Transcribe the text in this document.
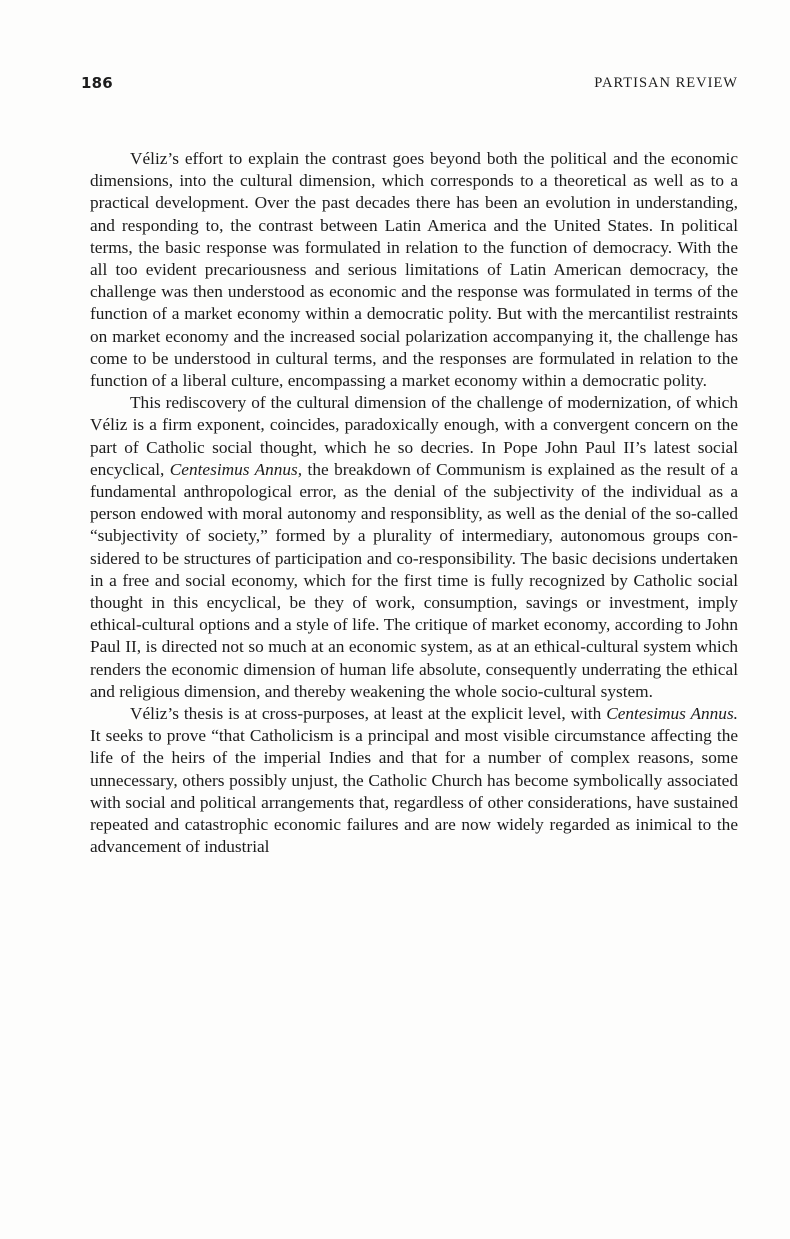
186	PARTISAN REVIEW

Véliz’s effort to explain the contrast goes beyond both the political and the economic dimensions, into the cultural dimension, which corresponds to a theoretical as well as to a practical development. Over the past decades there has been an evolution in understanding, and responding to, the contrast between Latin America and the United States. In political terms, the basic response was formulated in relation to the function of democracy. With the all too evident precariousness and serious limitations of Latin American democracy, the challenge was then understood as economic and the response was formulated in terms of the function of a market economy within a democratic polity. But with the mercantilist restraints on market economy and the increased social polarization accompanying it, the challenge has come to be understood in cultural terms, and the responses are formulated in relation to the function of a liberal culture, encompassing a market economy within a democratic polity.

This rediscovery of the cultural dimension of the challenge of modernization, of which Véliz is a firm exponent, coincides, paradoxically enough, with a convergent concern on the part of Catholic social thought, which he so decries. In Pope John Paul II’s latest social encyclical, Centesimus Annus, the breakdown of Communism is explained as the result of a fundamental anthropological error, as the denial of the subjectivity of the individual as a person endowed with moral autonomy and responsiblity, as well as the denial of the so-called “subjectivity of society,” formed by a plurality of intermediary, autonomous groups considered to be structures of participation and co-responsibility. The basic decisions undertaken in a free and social economy, which for the first time is fully recognized by Catholic social thought in this encyclical, be they of work, consumption, savings or investment, imply ethical-cultural options and a style of life. The critique of market economy, according to John Paul II, is directed not so much at an economic system, as at an ethical-cultural system which renders the economic dimension of human life absolute, consequently underrating the ethical and religious dimension, and thereby weakening the whole socio-cultural system.

Véliz’s thesis is at cross-purposes, at least at the explicit level, with Centesimus Annus. It seeks to prove “that Catholicism is a principal and most visible circumstance affecting the life of the heirs of the imperial Indies and that for a number of complex reasons, some unnecessary, others possibly unjust, the Catholic Church has become symbolically associated with social and political arrangements that, regardless of other considerations, have sustained repeated and catastrophic economic failures and are now widely regarded as inimical to the advancement of industrial
